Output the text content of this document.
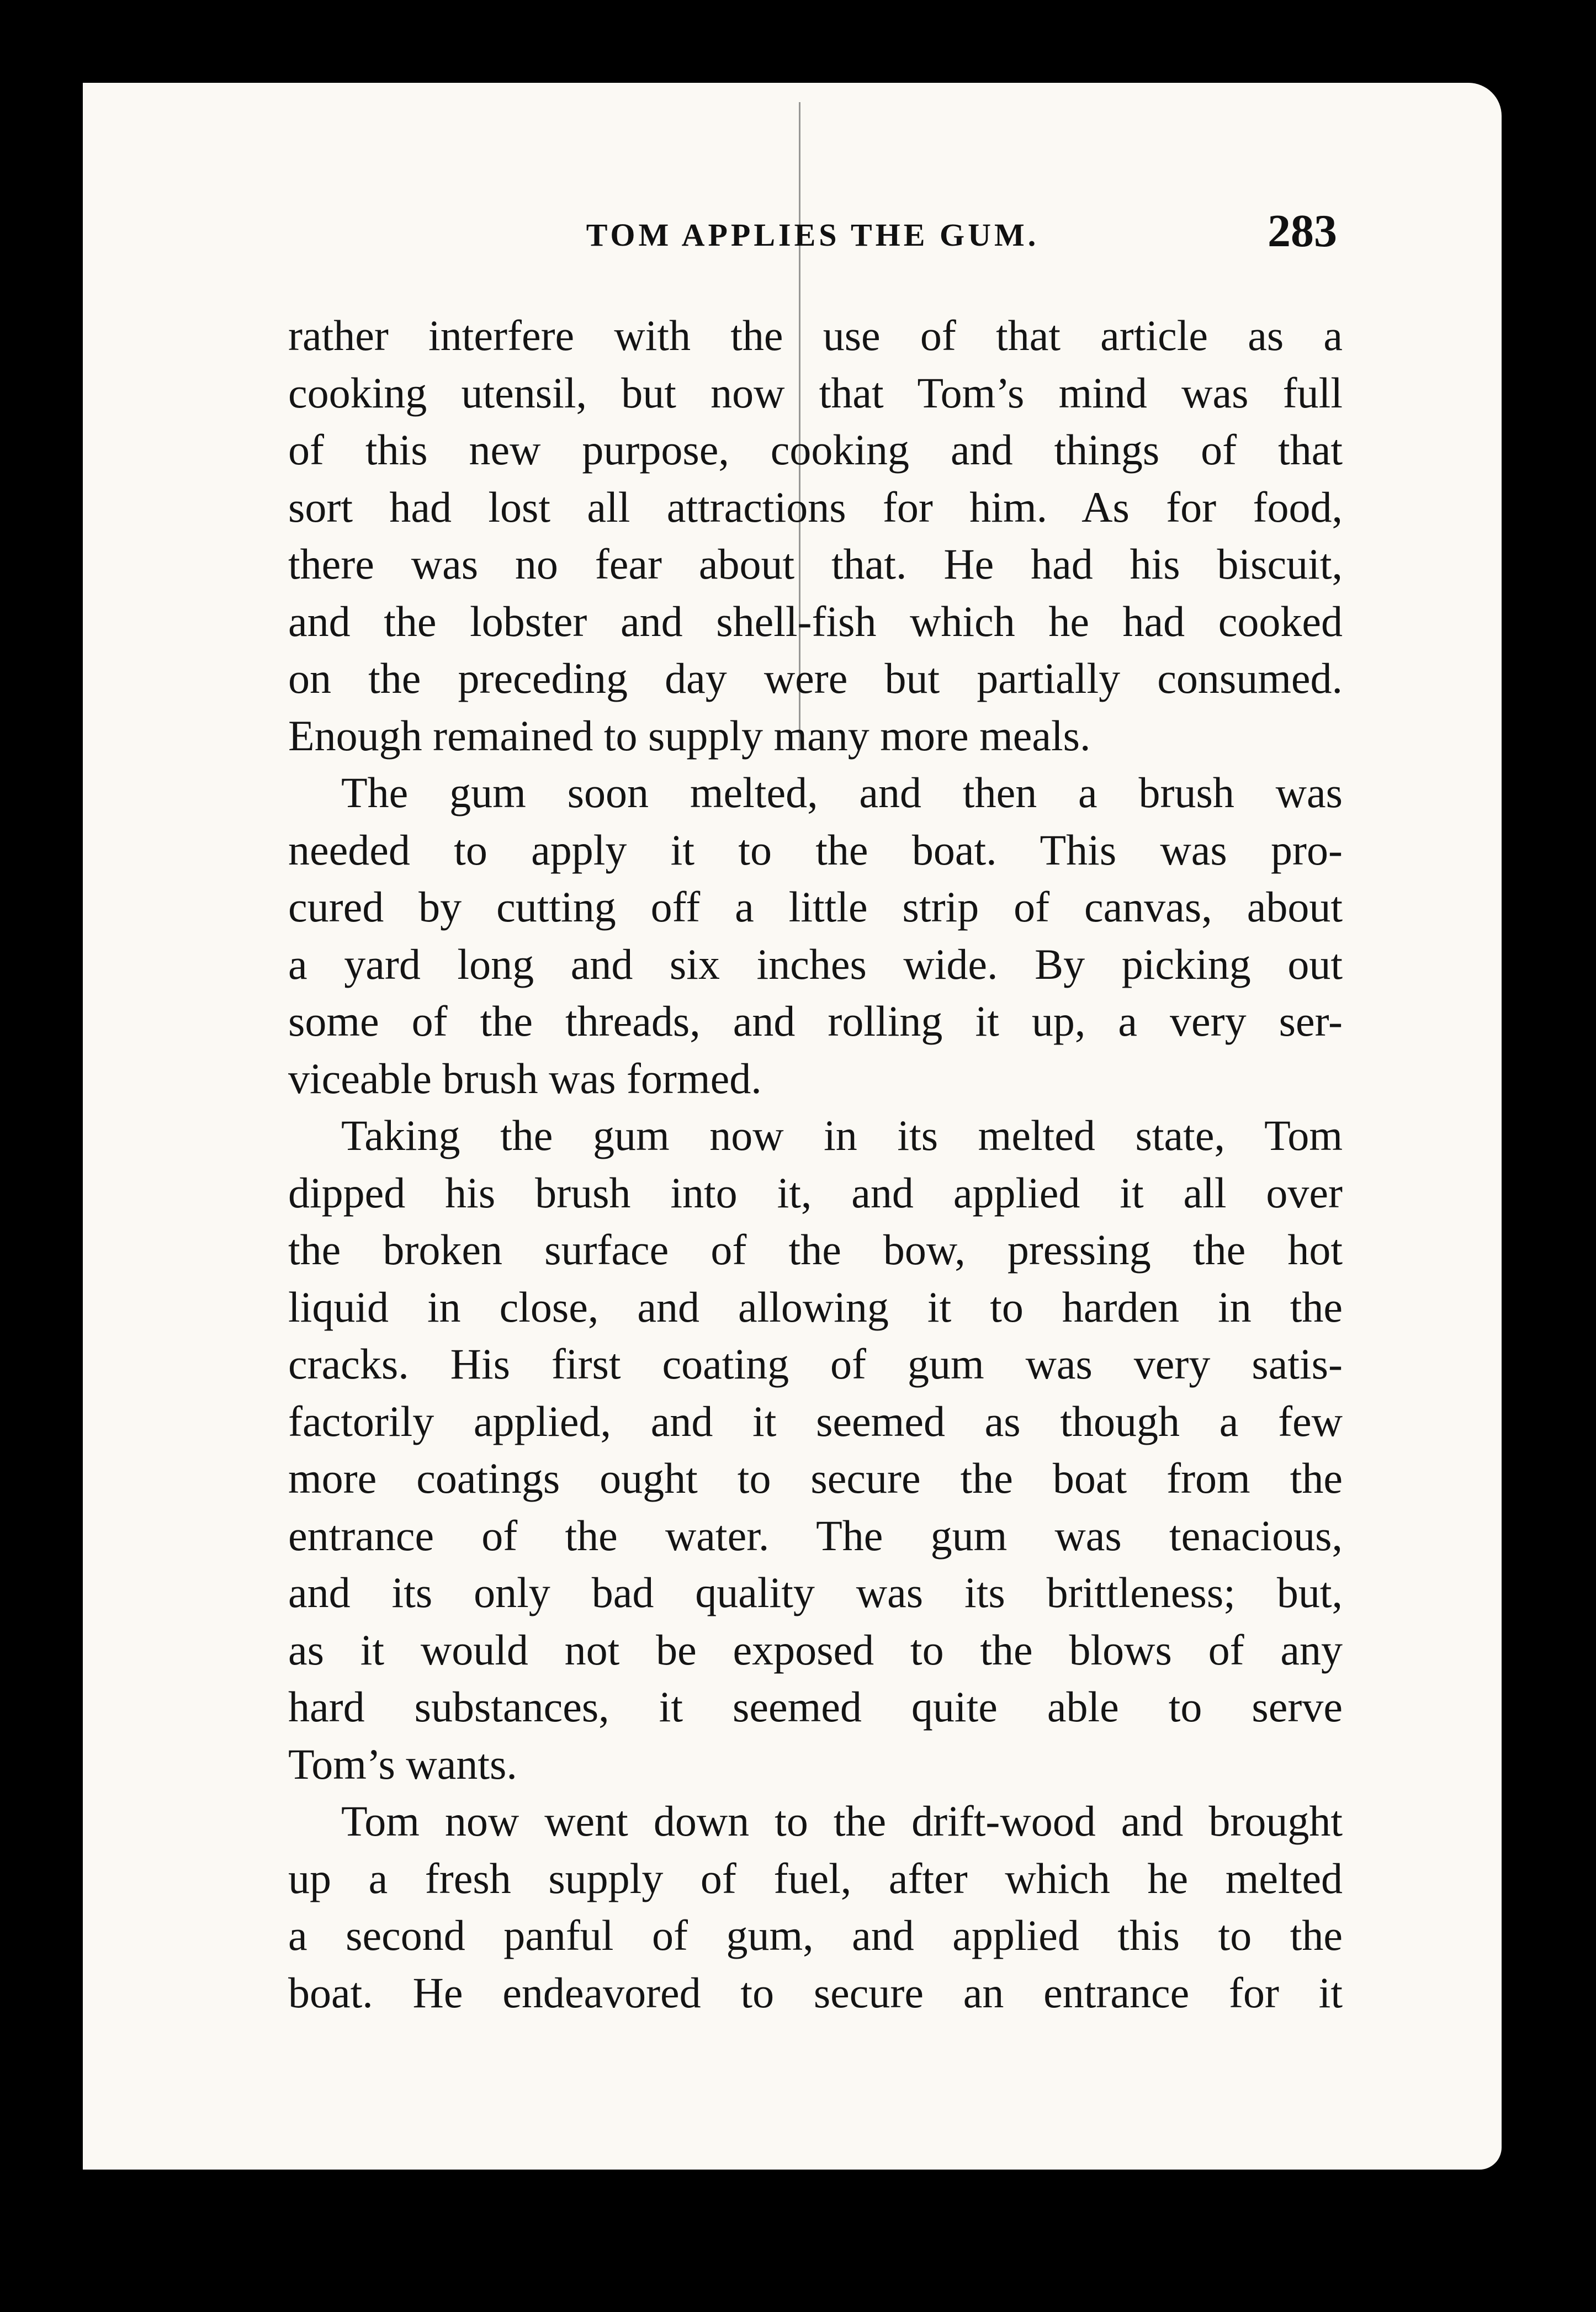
TOM APPLIES THE GUM.	283
rather interfere with the use of that article as a
cooking utensil, but now that Tom’s mind was full
of this new purpose, cooking and things of that
sort had lost all attractions for him. As for food,
there was no fear about that. He had his biscuit,
and the lobster and shell-fish which he had cooked
on the preceding day were but partially consumed.
Enough remained to supply many more meals.
The gum soon melted, and then a brush was
needed to apply it to the boat. This was pro-
cured by cutting off a little strip of canvas, about
a yard long and six inches wide. By picking out
some of the threads, and rolling it up, a very ser-
viceable brush was formed.
Taking the gum now in its melted state, Tom
dipped his brush into it, and applied it all over
the broken surface of the bow, pressing the hot
liquid in close, and allowing it to harden in the
cracks. His first coating of gum was very satis-
factorily applied, and it seemed as though a few
more coatings ought to secure the boat from the
entrance of the water. The gum was tenacious,
and its only bad quality was its brittleness; but,
as it would not be exposed to the blows of any
hard substances, it seemed quite able to serve
Tom’s wants.
Tom now went down to the drift-wood and brought
up a fresh supply of fuel, after which he melted
a second panful of gum, and applied this to the
boat. He endeavored to secure an entrance for it
